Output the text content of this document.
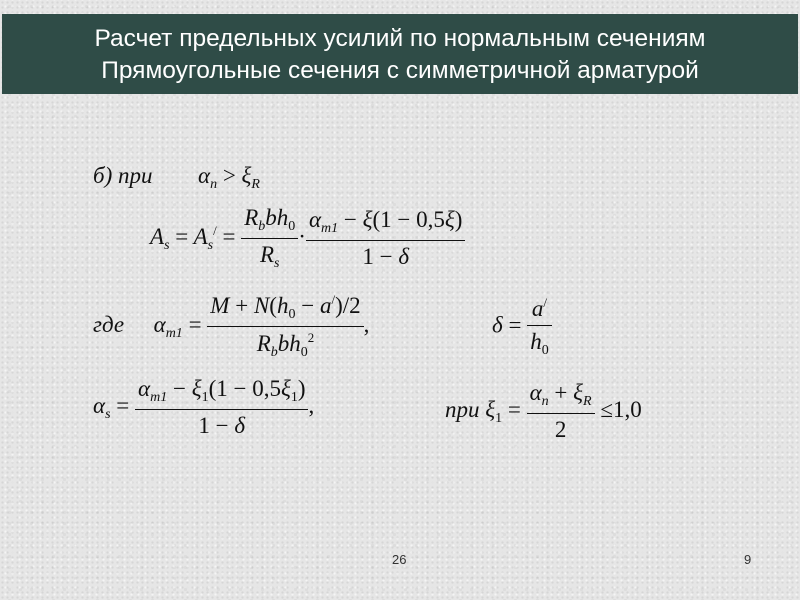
Расчет предельных усилий по нормальным сечениям
Прямоугольные сечения с симметричной арматурой
б) при  $\alpha_n > \xi_R$
$A_s = A_s^/ = \frac{R_bbh_0}{R_s} \cdot \frac{\alpha_{m1} - \xi(1 - 0,5\xi)}{1 - \delta}$
где  $\alpha_{m1} = \frac{M + N(h_0 - a^/)/2}{R_bbh_0^2}$ ,	$\delta = \frac{a^/}{h_0}$
$\alpha_s = \frac{\alpha_{m1} - \xi_1(1 - 0,5\xi_1)}{1 - \delta}$ ,	при $\xi_1 = \frac{\alpha_n + \xi_R}{2} \le 1,0$
26	9
